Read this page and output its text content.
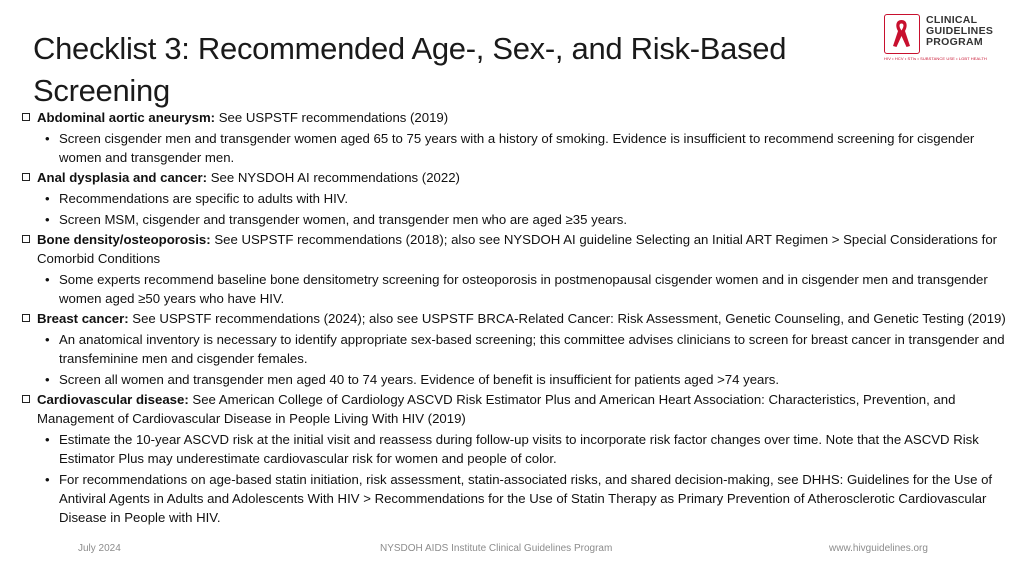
Checklist 3: Recommended Age-, Sex-, and Risk-Based Screening
CLINICAL
GUIDELINES
PROGRAM
HIV • HCV • STIs • SUBSTANCE USE • LGBT HEALTH
Abdominal aortic aneurysm: See USPSTF recommendations (2019)
• Screen cisgender men and transgender women aged 65 to 75 years with a history of smoking. Evidence is insufficient to recommend screening for cisgender women and transgender men.
Anal dysplasia and cancer: See NYSDOH AI recommendations (2022)
• Recommendations are specific to adults with HIV.
• Screen MSM, cisgender and transgender women, and transgender men who are aged ≥35 years.
Bone density/osteoporosis: See USPSTF recommendations (2018); also see NYSDOH AI guideline Selecting an Initial ART Regimen > Special Considerations for Comorbid Conditions
• Some experts recommend baseline bone densitometry screening for osteoporosis in postmenopausal cisgender women and in cisgender men and transgender women aged ≥50 years who have HIV.
Breast cancer: See USPSTF recommendations (2024); also see USPSTF BRCA-Related Cancer: Risk Assessment, Genetic Counseling, and Genetic Testing (2019)
• An anatomical inventory is necessary to identify appropriate sex-based screening; this committee advises clinicians to screen for breast cancer in transgender and transfeminine men and cisgender females.
• Screen all women and transgender men aged 40 to 74 years. Evidence of benefit is insufficient for patients aged >74 years.
Cardiovascular disease: See American College of Cardiology ASCVD Risk Estimator Plus and American Heart Association: Characteristics, Prevention, and Management of Cardiovascular Disease in People Living With HIV (2019)
• Estimate the 10-year ASCVD risk at the initial visit and reassess during follow-up visits to incorporate risk factor changes over time. Note that the ASCVD Risk Estimator Plus may underestimate cardiovascular risk for women and people of color.
• For recommendations on age-based statin initiation, risk assessment, statin-associated risks, and shared decision-making, see DHHS: Guidelines for the Use of Antiviral Agents in Adults and Adolescents With HIV > Recommendations for the Use of Statin Therapy as Primary Prevention of Atherosclerotic Cardiovascular Disease in People with HIV.
July 2024	NYSDOH AIDS Institute Clinical Guidelines Program	www.hivguidelines.org
